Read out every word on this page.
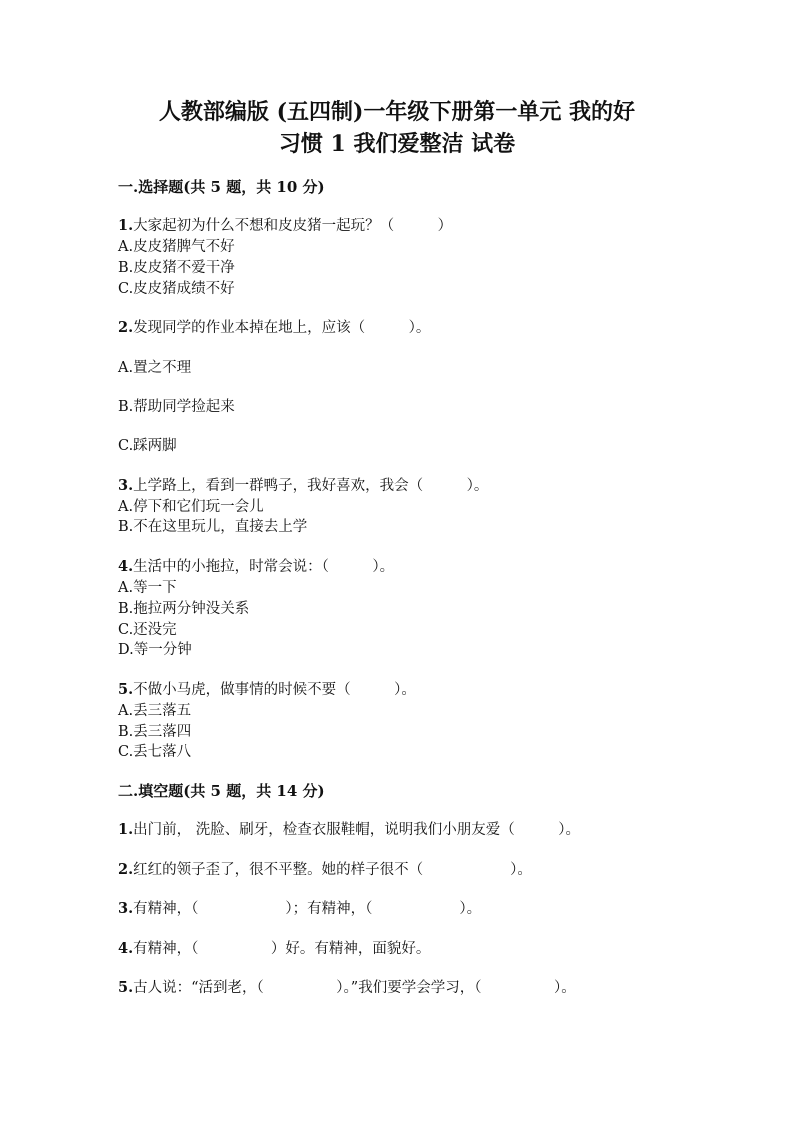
人教部编版 (五四制)一年级下册第一单元 我的好
习惯 1 我们爱整洁 试卷
一.选择题(共 5 题，共 10 分)
1.大家起初为什么不想和皮皮猪一起玩？（　　　）
A.皮皮猪脾气不好
B.皮皮猪不爱干净
C.皮皮猪成绩不好
2.发现同学的作业本掉在地上，应该（　　　）。
A.置之不理
B.帮助同学捡起来
C.踩两脚
3.上学路上，看到一群鸭子，我好喜欢，我会（　　　）。
A.停下和它们玩一会儿
B.不在这里玩儿，直接去上学
4.生活中的小拖拉，时常会说：（　　　）。
A.等一下
B.拖拉两分钟没关系
C.还没完
D.等一分钟
5.不做小马虎，做事情的时候不要（　　　）。
A.丢三落五
B.丢三落四
C.丢七落八
二.填空题(共 5 题，共 14 分)
1.出门前， 洗脸、刷牙，检查衣服鞋帽，说明我们小朋友爱（　　　）。
2.红红的领子歪了，很不平整。她的样子很不（　　　　　　）。
3.有精神，（　　　　　　）；有精神，（　　　　　　）。
4.有精神，（　　　　　）好。有精神，面貌好。
5.古人说：“活到老，（　　　　　）。”我们要学会学习，（　　　　　）。
